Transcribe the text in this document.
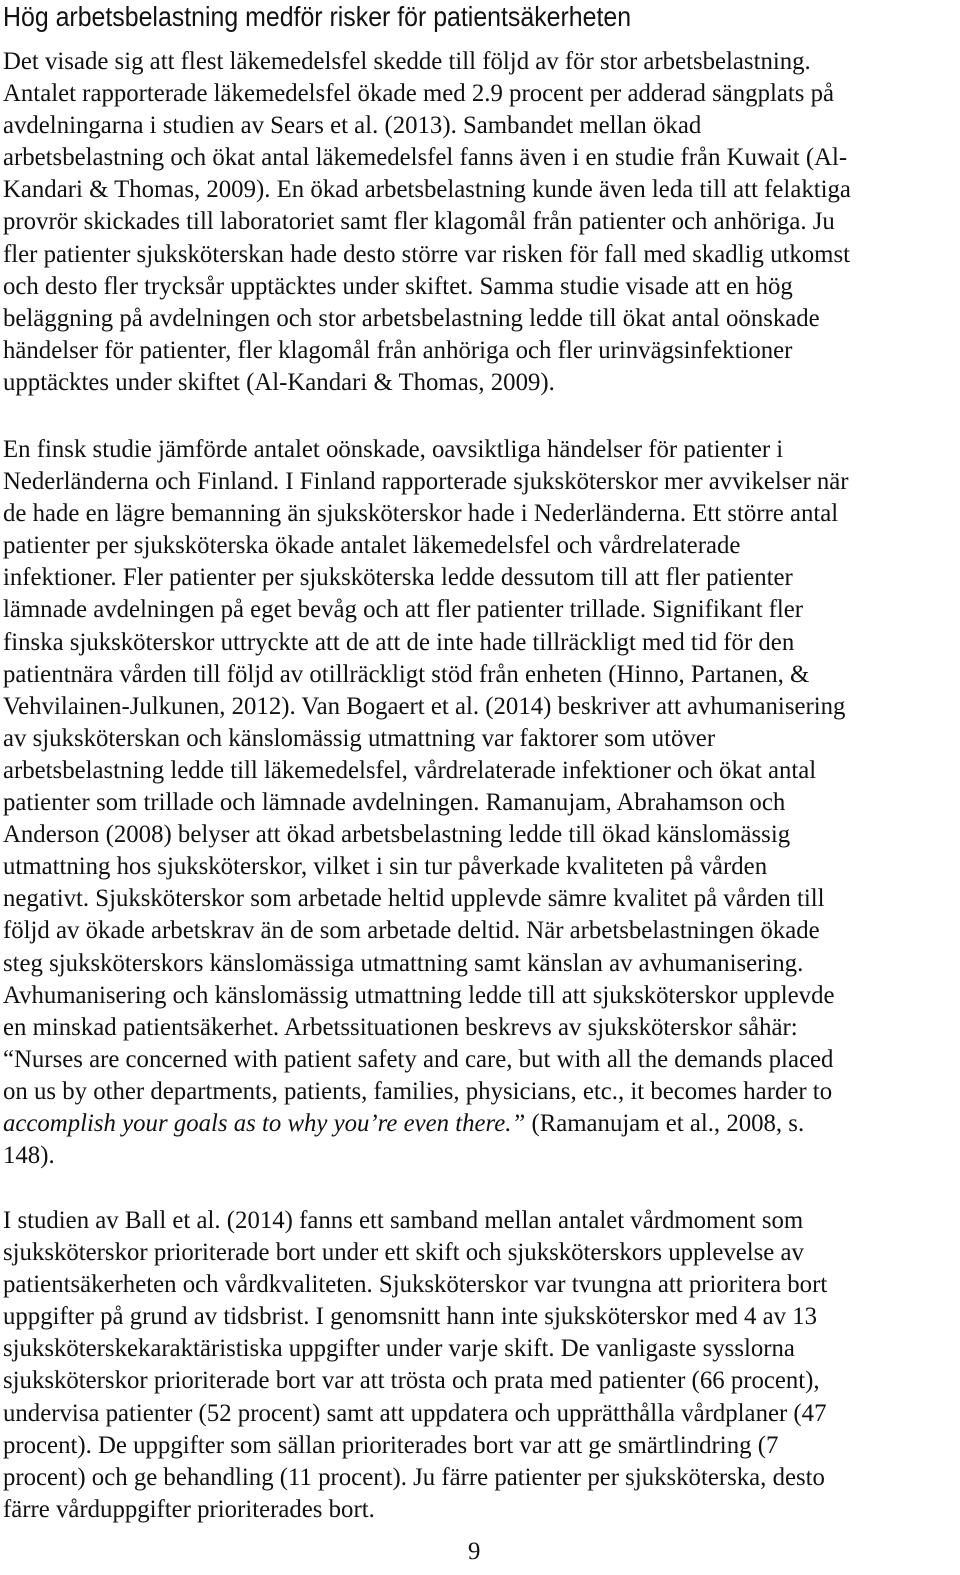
Hög arbetsbelastning medför risker för patientsäkerheten
Det visade sig att flest läkemedelsfel skedde till följd av för stor arbetsbelastning.
Antalet rapporterade läkemedelsfel ökade med 2.9 procent per adderad sängplats på
avdelningarna i studien av Sears et al. (2013). Sambandet mellan ökad
arbetsbelastning och ökat antal läkemedelsfel fanns även i en studie från Kuwait (Al-
Kandari & Thomas, 2009). En ökad arbetsbelastning kunde även leda till att felaktiga
provrör skickades till laboratoriet samt fler klagomål från patienter och anhöriga. Ju
fler patienter sjuksköterskan hade desto större var risken för fall med skadlig utkomst
och desto fler trycksår upptäcktes under skiftet. Samma studie visade att en hög
beläggning på avdelningen och stor arbetsbelastning ledde till ökat antal oönskade
händelser för patienter, fler klagomål från anhöriga och fler urinvägsinfektioner
upptäcktes under skiftet (Al-Kandari & Thomas, 2009).
En finsk studie jämförde antalet oönskade, oavsiktliga händelser för patienter i
Nederländerna och Finland. I Finland rapporterade sjuksköterskor mer avvikelser när
de hade en lägre bemanning än sjuksköterskor hade i Nederländerna. Ett större antal
patienter per sjuksköterska ökade antalet läkemedelsfel och vårdrelaterade
infektioner. Fler patienter per sjuksköterska ledde dessutom till att fler patienter
lämnade avdelningen på eget bevåg och att fler patienter trillade. Signifikant fler
finska sjuksköterskor uttryckte att de att de inte hade tillräckligt med tid för den
patientnära vården till följd av otillräckligt stöd från enheten (Hinno, Partanen, &
Vehvilainen-Julkunen, 2012). Van Bogaert et al. (2014) beskriver att avhumanisering
av sjuksköterskan och känslomässig utmattning var faktorer som utöver
arbetsbelastning ledde till läkemedelsfel, vårdrelaterade infektioner och ökat antal
patienter som trillade och lämnade avdelningen. Ramanujam, Abrahamson och
Anderson (2008) belyser att ökad arbetsbelastning ledde till ökad känslomässig
utmattning hos sjuksköterskor, vilket i sin tur påverkade kvaliteten på vården
negativt. Sjuksköterskor som arbetade heltid upplevde sämre kvalitet på vården till
följd av ökade arbetskrav än de som arbetade deltid. När arbetsbelastningen ökade
steg sjuksköterskors känslomässiga utmattning samt känslan av avhumanisering.
Avhumanisering och känslomässig utmattning ledde till att sjuksköterskor upplevde
en minskad patientsäkerhet. Arbetssituationen beskrevs av sjuksköterskor såhär:
“Nurses are concerned with patient safety and care, but with all the demands placed
on us by other departments, patients, families, physicians, etc., it becomes harder to
accomplish your goals as to why you’re even there.” (Ramanujam et al., 2008, s.
148).
I studien av Ball et al. (2014) fanns ett samband mellan antalet vårdmoment som
sjuksköterskor prioriterade bort under ett skift och sjuksköterskors upplevelse av
patientsäkerheten och vårdkvaliteten. Sjuksköterskor var tvungna att prioritera bort
uppgifter på grund av tidsbrist. I genomsnitt hann inte sjuksköterskor med 4 av 13
sjuksköterskekaraktäristiska uppgifter under varje skift. De vanligaste sysslorna
sjuksköterskor prioriterade bort var att trösta och prata med patienter (66 procent),
undervisa patienter (52 procent) samt att uppdatera och upprätthålla vårdplaner (47
procent). De uppgifter som sällan prioriterades bort var att ge smärtlindring (7
procent) och ge behandling (11 procent). Ju färre patienter per sjuksköterska, desto
färre vårduppgifter prioriterades bort.
9
